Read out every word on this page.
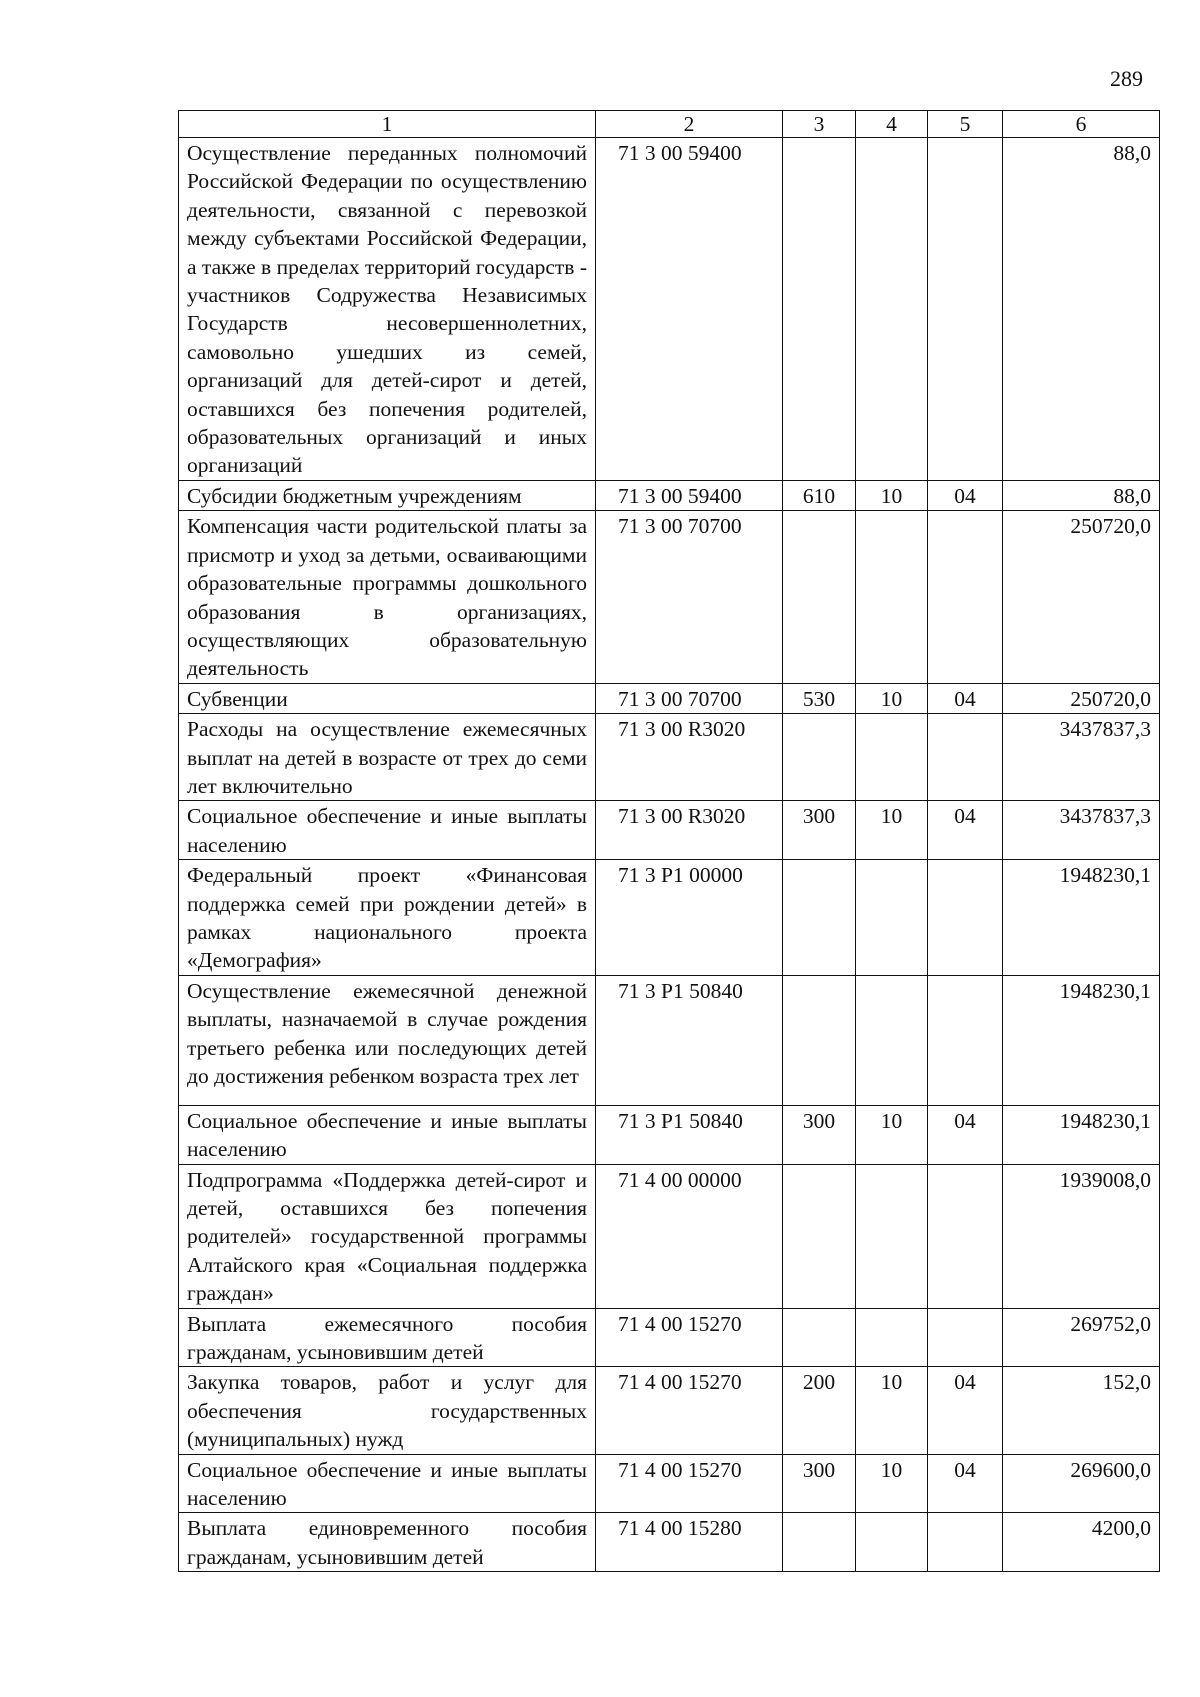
289
1	2	3	4	5	6
Осуществление переданных полномочий Российской Федерации по осуществлению деятельности, связанной с перевозкой между субъектами Российской Федерации, а также в пределах территорий государств - участников Содружества Независимых Государств несовершеннолетних, самовольно ушедших из семей, организаций для детей-сирот и детей, оставшихся без попечения родителей, образовательных организаций и иных организаций	71 3 00 59400				88,0
Субсидии бюджетным учреждениям	71 3 00 59400	610	10	04	88,0
Компенсация части родительской платы за присмотр и уход за детьми, осваивающими образовательные программы дошкольного образования в организациях, осуществляющих образовательную деятельность	71 3 00 70700				250720,0
Субвенции	71 3 00 70700	530	10	04	250720,0
Расходы на осуществление ежемесячных выплат на детей в возрасте от трех до семи лет включительно	71 3 00 R3020				3437837,3
Социальное обеспечение и иные выплаты населению	71 3 00 R3020	300	10	04	3437837,3
Федеральный проект «Финансовая поддержка семей при рождении детей» в рамках национального проекта «Демография»	71 3 P1 00000				1948230,1
Осуществление ежемесячной денежной выплаты, назначаемой в случае рождения третьего ребенка или последующих детей до достижения ребенком возраста трех лет	71 3 P1 50840				1948230,1
Социальное обеспечение и иные выплаты населению	71 3 P1 50840	300	10	04	1948230,1
Подпрограмма «Поддержка детей-сирот и детей, оставшихся без попечения родителей» государственной программы Алтайского края «Социальная поддержка граждан»	71 4 00 00000				1939008,0
Выплата ежемесячного пособия гражданам, усыновившим детей	71 4 00 15270				269752,0
Закупка товаров, работ и услуг для обеспечения государственных (муниципальных) нужд	71 4 00 15270	200	10	04	152,0
Социальное обеспечение и иные выплаты населению	71 4 00 15270	300	10	04	269600,0
Выплата единовременного пособия гражданам, усыновившим детей	71 4 00 15280				4200,0
